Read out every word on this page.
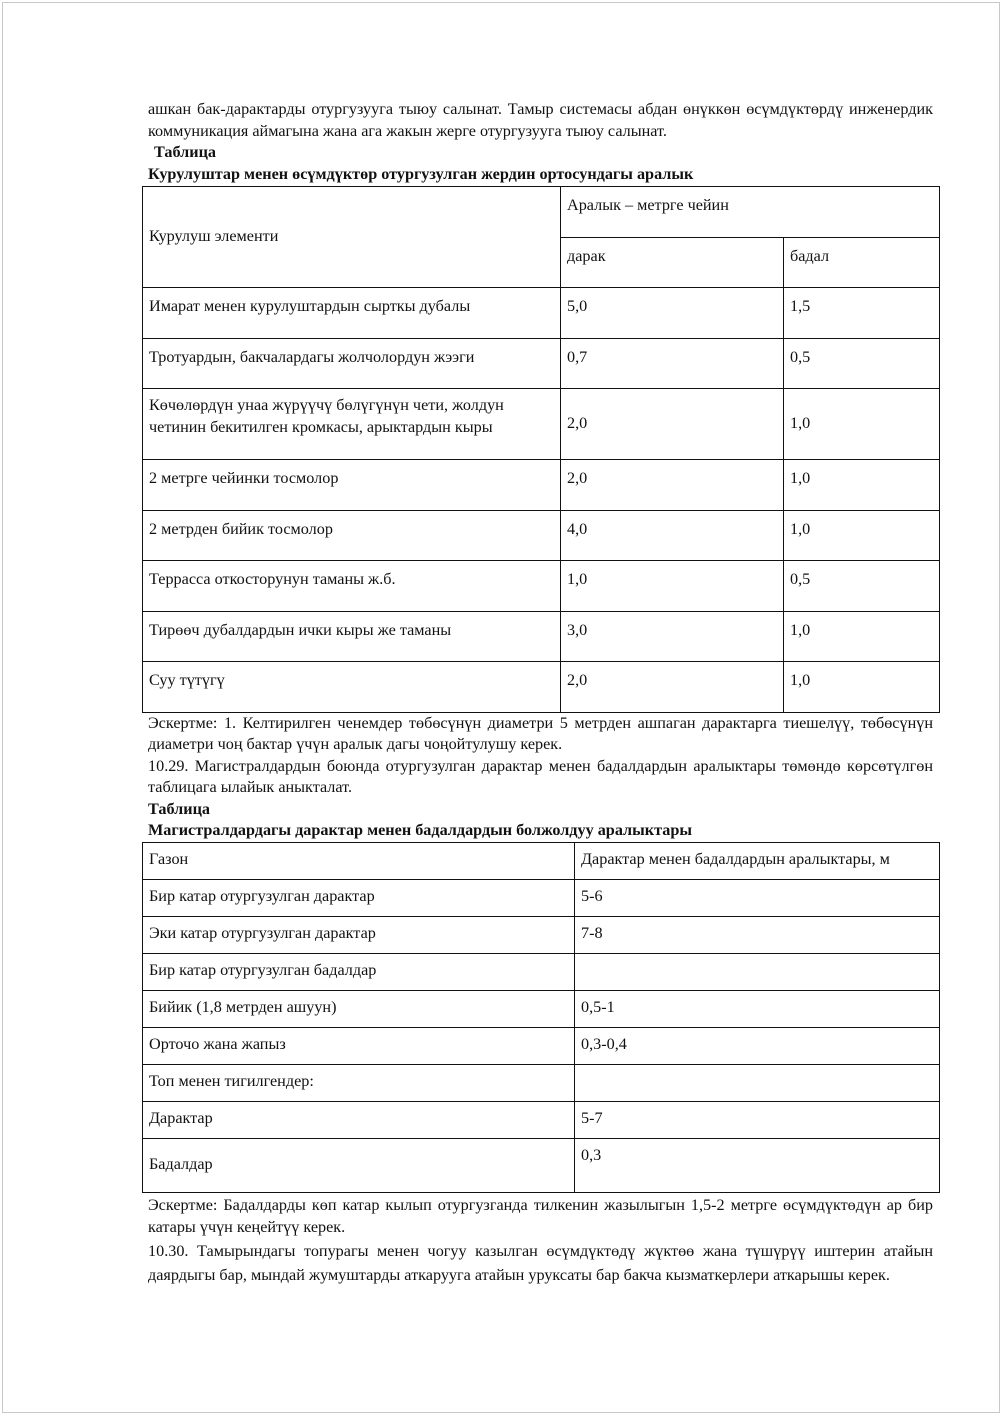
ашкан бак-дарактарды отургузууга тыюу салынат. Тамыр системасы абдан өнүккөн өсүмдүктөрдү инженердик коммуникация аймагына жана ага жакын жерге отургузууга тыюу салынат.

Таблица

Курулуштар менен өсүмдүктөр отургузулган жердин ортосундагы аралык

Курулуш элементи	Аралык – метрге чейин	
	дарак	бадал
Имарат менен курулуштардын сырткы дубалы	5,0	1,5
Тротуардын, бакчалардагы жолчолордун жээги	0,7	0,5
Көчөлөрдүн унаа жүрүүчү бөлүгүнүн чети, жолдун четинин бекитилген кромкасы, арыктардын кыры	2,0	1,0
2 метрге чейинки тосмолор	2,0	1,0
2 метрден бийик тосмолор	4,0	1,0
Терраcса откосторунун таманы ж.б.	1,0	0,5
Тирөөч дубалдардын ички кыры же таманы	3,0	1,0
Суу түтүгү	2,0	1,0

Эскертме: 1. Келтирилген ченемдер төбөсүнүн диаметри 5 метрден ашпаган дарактарга тиешелүү, төбөсүнүн диаметри чоң бактар үчүн аралык дагы чоңойтулушу керек.

10.29. Магистралдардын боюнда отургузулган дарактар менен бадалдардын аралыктары төмөндө көрсөтүлгөн таблицага ылайык аныкталат.

Таблица

Магистралдардагы дарактар менен бадалдардын болжолдуу аралыктары

Газон	Дарактар менен бадалдардын аралыктары, м
Бир катар отургузулган дарактар	5-6
Эки катар отургузулган дарактар	7-8
Бир катар отургузулган бадалдар	
Бийик (1,8 метрден ашуун)	0,5-1
Орточо жана жапыз	0,3-0,4
Топ менен тигилгендер:	
Дарактар	5-7
Бадалдар	0,3

Эскертме: Бадалдарды көп катар кылып отургузганда тилкенин жазылыгын 1,5-2 метрге өсүмдүктөдүн ар бир катары үчүн кеңейтүү керек.

10.30. Тамырындагы топурагы менен чогуу казылган өсүмдүктөдү жүктөө жана түшүрүү иштерин атайын даярдыгы бар, мындай жумуштарды аткарууга атайын уруксаты бар бакча кызматкерлери аткарышы керек.
